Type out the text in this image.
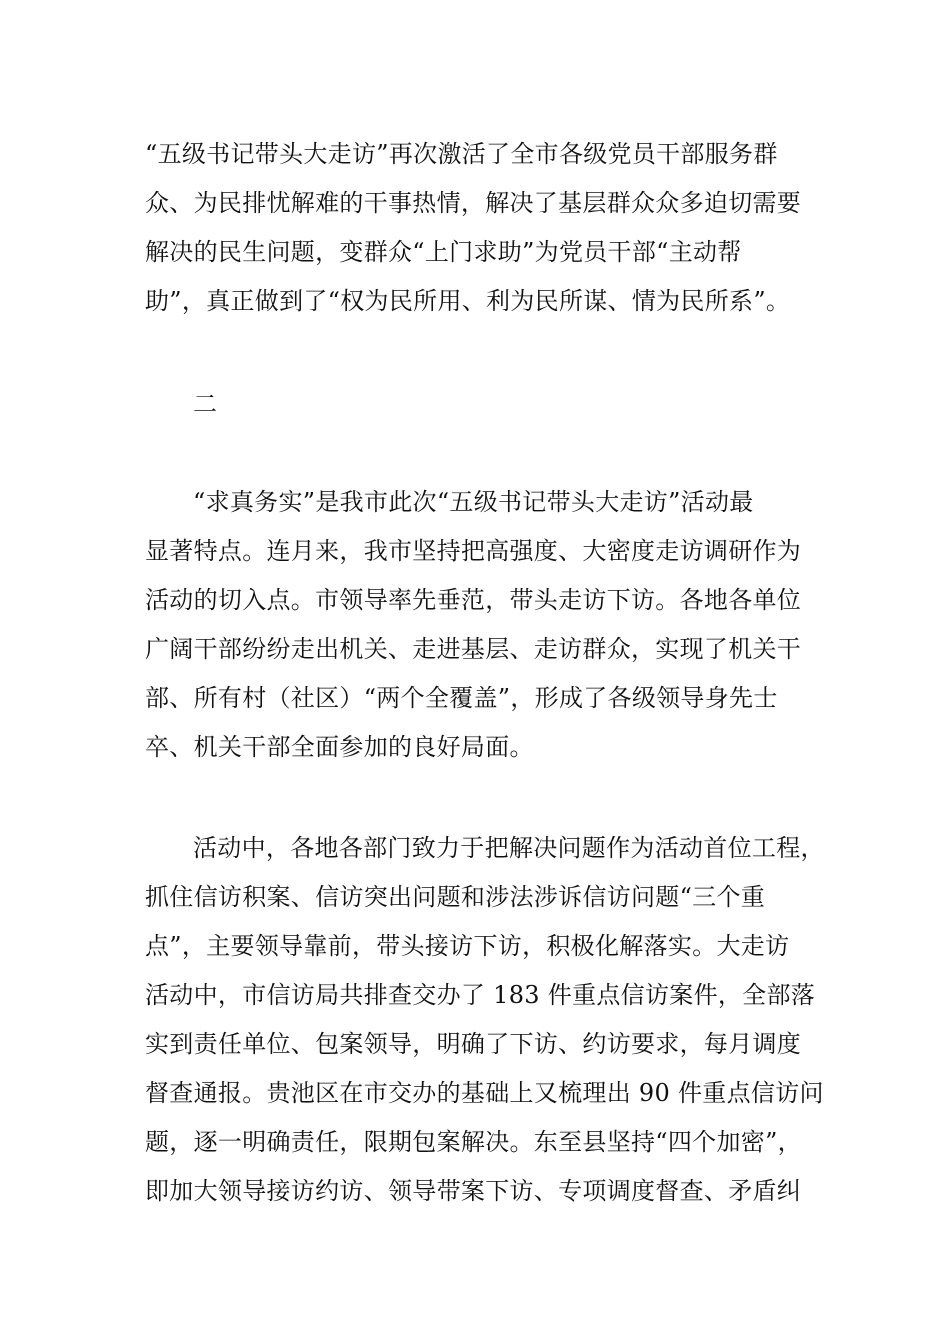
“五级书记带头大走访”再次激活了全市各级党员干部服务群
众、为民排忧解难的干事热情，解决了基层群众众多迫切需要
解决的民生问题，变群众“上门求助”为党员干部“主动帮
助”，真正做到了“权为民所用、利为民所谋、情为民所系”。
二
“求真务实”是我市此次“五级书记带头大走访”活动最
显著特点。连月来，我市坚持把高强度、大密度走访调研作为
活动的切入点。市领导率先垂范，带头走访下访。各地各单位
广阔干部纷纷走出机关、走进基层、走访群众，实现了机关干
部、所有村（社区）“两个全覆盖”，形成了各级领导身先士
卒、机关干部全面参加的良好局面。
活动中，各地各部门致力于把解决问题作为活动首位工程，
抓住信访积案、信访突出问题和涉法涉诉信访问题“三个重
点”，主要领导靠前，带头接访下访，积极化解落实。大走访
活动中，市信访局共排查交办了 183 件重点信访案件，全部落
实到责任单位、包案领导，明确了下访、约访要求，每月调度
督查通报。贵池区在市交办的基础上又梳理出 90 件重点信访问
题，逐一明确责任，限期包案解决。东至县坚持“四个加密”，
即加大领导接访约访、领导带案下访、专项调度督查、矛盾纠
